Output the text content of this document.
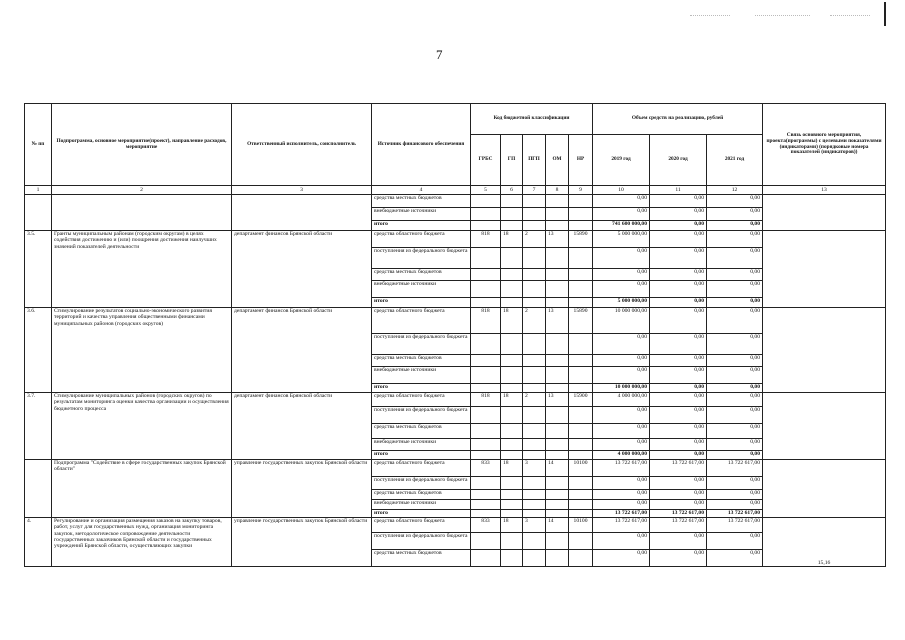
7
№ пп	Подпрограмма, основное мероприятие(проект), направление расходов, мероприятие	Ответственный исполнитель, соисполнитель	Источник финансового обеспечения	Код бюджетной классификации					Объем средств на реализацию, рублей			Связь основного мероприятия, проекта(программы) с целевыми показателями (индикаторами) (порядковые номера показателей (индикаторов))
				ГРБС	ГП	ПГП	ОМ	НР	2019 год	2020 год	2021 год	
1	2	3	4	5	6	7	8	9	10	11	12	13
			средства местных бюджетов						0,00	0,00	0,00	
			внебюджетные источники						0,00	0,00	0,00	
			итого						741 600 000,00	0,00	0,00	
3.5.	Гранты муниципальным районам (городским округам) в целях содействия достижению и (или) поощрения достижения наилучших значений показателей деятельности	департамент финансов Брянской области	средства областного бюджета	818	18	2	13	15890	5 000 000,00	0,00	0,00	
			поступления из федерального бюджета						0,00	0,00	0,00	
			средства местных бюджетов						0,00	0,00	0,00	
			внебюджетные источники						0,00	0,00	0,00	
			итого						5 000 000,00	0,00	0,00	
3.6.	Стимулирование результатов социально-экономического развития территорий и качества управления общественными финансами муниципальных районов (городских округов)	департамент финансов Брянской области	средства областного бюджета	818	18	2	13	15890	10 000 000,00	0,00	0,00	
			поступления из федерального бюджета						0,00	0,00	0,00	
			средства местных бюджетов						0,00	0,00	0,00	
			внебюджетные источники						0,00	0,00	0,00	
			итого						10 000 000,00	0,00	0,00	
3.7.	Стимулирование муниципальных районов (городских округов) по результатам мониторинга оценки качества организации и осуществления бюджетного процесса	департамент финансов Брянской области	средства областного бюджета	818	18	2	13	15900	4 000 000,00	0,00	0,00	
			поступления из федерального бюджета						0,00	0,00	0,00	
			средства местных бюджетов						0,00	0,00	0,00	
			внебюджетные источники						0,00	0,00	0,00	
			итого						4 000 000,00	0,00	0,00	
	Подпрограмма "Содействие в сфере государственных закупок Брянской области"	управление государственных закупок Брянской области	средства областного бюджета	833	18	3	14	10100	13 722 617,00	13 722 617,00	13 722 617,00	
			поступления из федерального бюджета						0,00	0,00	0,00	
			средства местных бюджетов						0,00	0,00	0,00	
			внебюджетные источники						0,00	0,00	0,00	
			итого						13 722 617,00	13 722 617,00	13 722 617,00	
4.	Регулирование и организация размещения заказов на закупку товаров, работ, услуг для государственных нужд, организация мониторинга закупок, методологическое сопровождение деятельности государственных заказчиков Брянской области и государственных учреждений Брянской области, осуществляющих закупки	управление государственных закупок Брянской области	средства областного бюджета	833	18	3	14	10100	13 722 617,00	13 722 617,00	13 722 617,00	15,16
			поступления из федерального бюджета						0,00	0,00	0,00	
			средства местных бюджетов						0,00	0,00	0,00	
